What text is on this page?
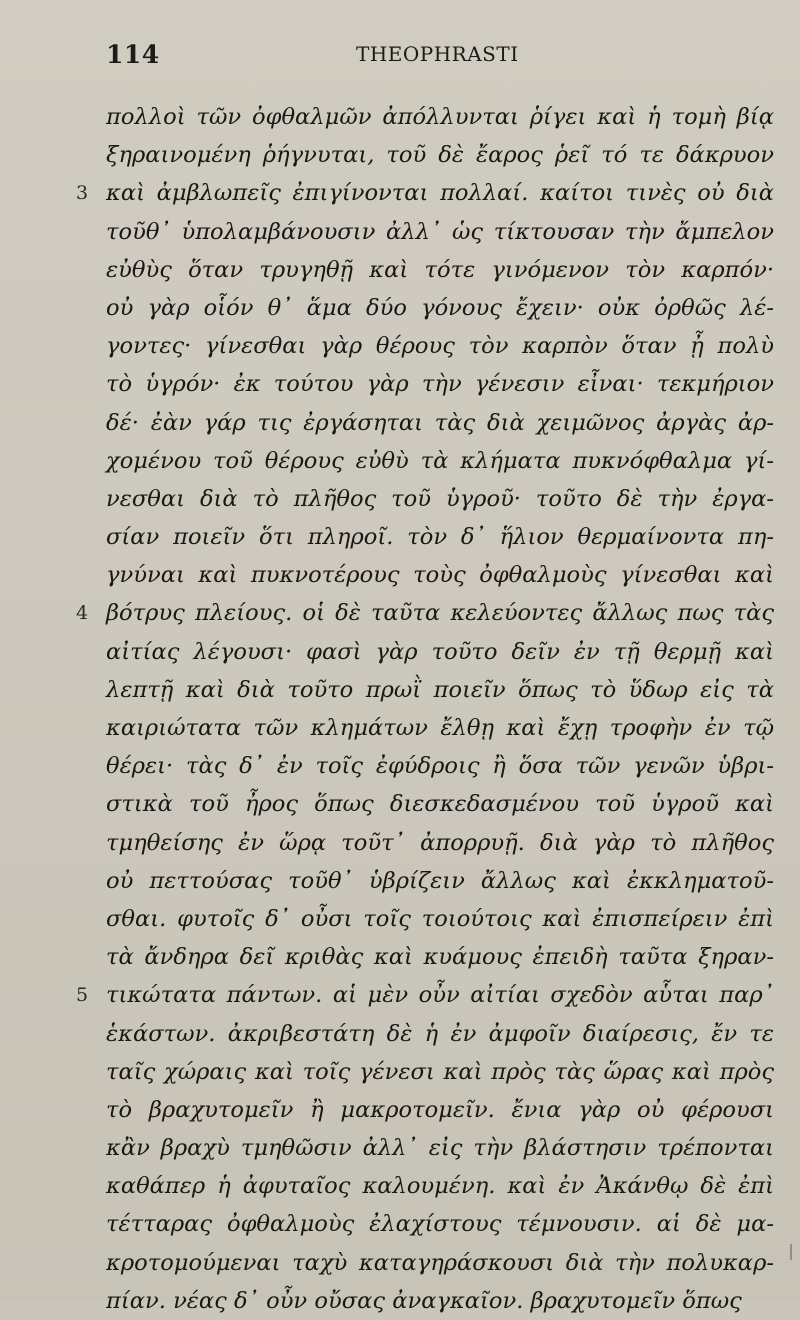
114	THEOPHRASTI
πολλοὶ τῶν ὀφθαλμῶν ἀπόλλυνται ῥίγει καὶ ἡ τομὴ βίᾳ
ξηραινομένη ῥήγνυται, τοῦ δὲ ἔαρος ῥεῖ τό τε δάκρυον
3 καὶ ἀμβλωπεῖς ἐπιγίνονται πολλαί. καίτοι τινὲς οὐ διὰ
τοῦθ᾽ ὑπολαμβάνουσιν ἀλλ᾽ ὡς τίκτουσαν τὴν ἄμπελον
εὐθὺς ὅταν τρυγηθῇ καὶ τότε γινόμενον τὸν καρπόν·
οὐ γὰρ οἷόν θ᾽ ἅμα δύο γόνους ἔχειν· οὐκ ὀρθῶς λέ-
γοντες· γίνεσθαι γὰρ θέρους τὸν καρπὸν ὅταν ᾖ πολὺ
τὸ ὑγρόν· ἐκ τούτου γὰρ τὴν γένεσιν εἶναι· τεκμήριον
δέ· ἐὰν γάρ τις ἐργάσηται τὰς διὰ χειμῶνος ἀργὰς ἀρ-
χομένου τοῦ θέρους εὐθὺ τὰ κλήματα πυκνόφθαλμα γί-
νεσθαι διὰ τὸ πλῆθος τοῦ ὑγροῦ· τοῦτο δὲ τὴν ἐργα-
σίαν ποιεῖν ὅτι πληροῖ. τὸν δ᾽ ἥλιον θερμαίνοντα πη-
γνύναι καὶ πυκνοτέρους τοὺς ὀφθαλμοὺς γίνεσθαι καὶ
4 βότρυς πλείους. οἱ δὲ ταῦτα κελεύοντες ἄλλως πως τὰς
αἰτίας λέγουσι· φασὶ γὰρ τοῦτο δεῖν ἐν τῇ θερμῇ καὶ
λεπτῇ καὶ διὰ τοῦτο πρωῒ ποιεῖν ὅπως τὸ ὕδωρ εἰς τὰ
καιριώτατα τῶν κλημάτων ἔλθῃ καὶ ἔχῃ τροφὴν ἐν τῷ
θέρει· τὰς δ᾽ ἐν τοῖς ἐφύδροις ἢ ὅσα τῶν γενῶν ὑβρι-
στικὰ τοῦ ἦρος ὅπως διεσκεδασμένου τοῦ ὑγροῦ καὶ
τμηθείσης ἐν ὥρᾳ τοῦτ᾽ ἀπορρυῇ. διὰ γὰρ τὸ πλῆθος
οὐ πεττούσας τοῦθ᾽ ὑβρίζειν ἄλλως καὶ ἐκκληματοῦ-
σθαι. φυτοῖς δ᾽ οὖσι τοῖς τοιούτοις καὶ ἐπισπείρειν ἐπὶ
τὰ ἄνδηρα δεῖ κριθὰς καὶ κυάμους ἐπειδὴ ταῦτα ξηραν-
5 τικώτατα πάντων. αἱ μὲν οὖν αἰτίαι σχεδὸν αὗται παρ᾽
ἑκάστων. ἀκριβεστάτη δὲ ἡ ἐν ἀμφοῖν διαίρεσις, ἔν τε
ταῖς χώραις καὶ τοῖς γένεσι καὶ πρὸς τὰς ὥρας καὶ πρὸς
τὸ βραχυτομεῖν ἢ μακροτομεῖν. ἔνια γὰρ οὐ φέρουσι
κἂν βραχὺ τμηθῶσιν ἀλλ᾽ εἰς τὴν βλάστησιν τρέπονται
καθάπερ ἡ ἀφυταῖος καλουμένη. καὶ ἐν Ἀκάνθῳ δὲ ἐπὶ
τέτταρας ὀφθαλμοὺς ἐλαχίστους τέμνουσιν. αἱ δὲ μα-
κροτομούμεναι ταχὺ καταγηράσκουσι διὰ τὴν πολυκαρ-
πίαν. νέας δ᾽ οὖν οὔσας ἀναγκαῖον. βραχυτομεῖν ὅπως
